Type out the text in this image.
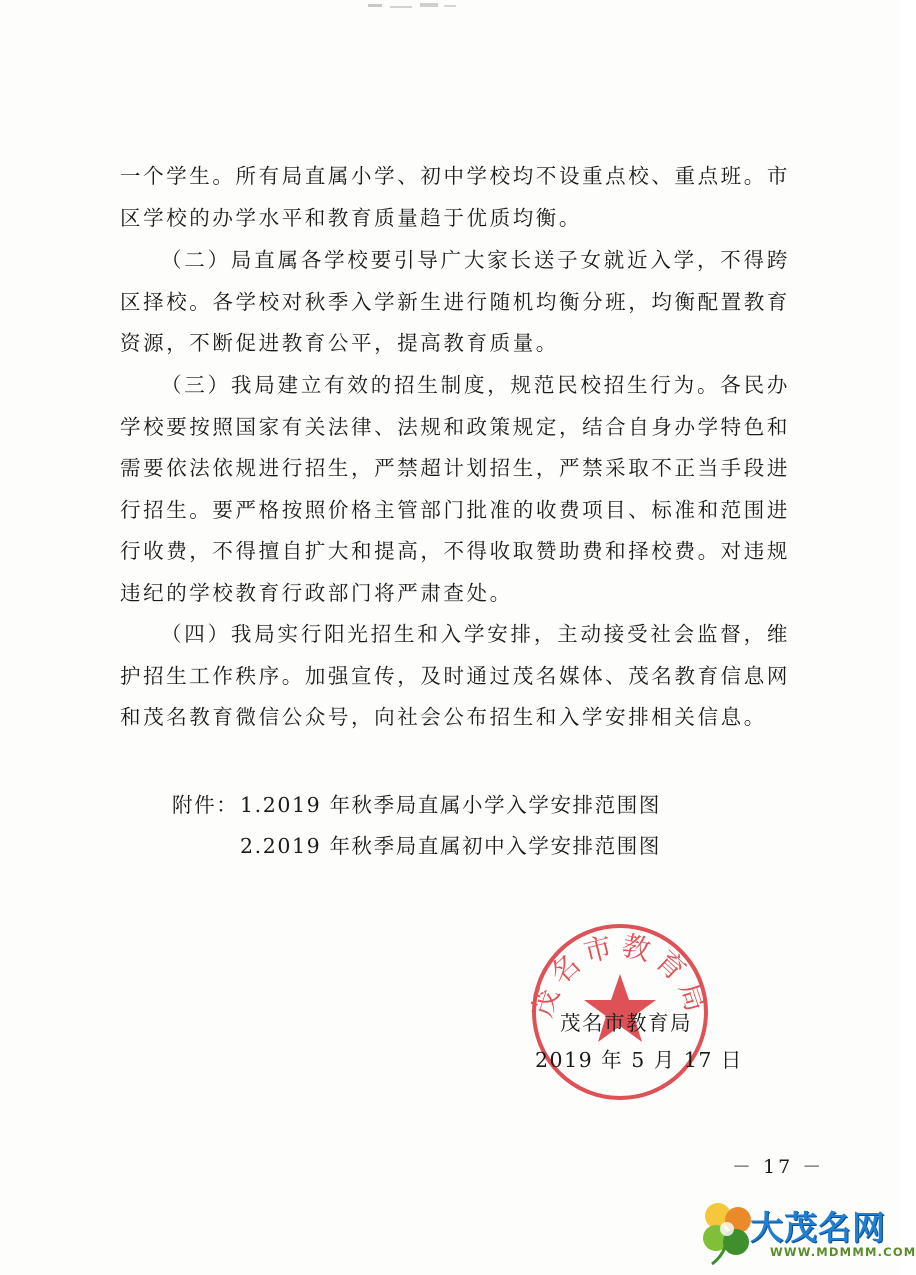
一个学生。所有局直属小学、初中学校均不设重点校、重点班。市区学校的办学水平和教育质量趋于优质均衡。

（二）局直属各学校要引导广大家长送子女就近入学，不得跨区择校。各学校对秋季入学新生进行随机均衡分班，均衡配置教育资源，不断促进教育公平，提高教育质量。

（三）我局建立有效的招生制度，规范民校招生行为。各民办学校要按照国家有关法律、法规和政策规定，结合自身办学特色和需要依法依规进行招生，严禁超计划招生，严禁采取不正当手段进行招生。要严格按照价格主管部门批准的收费项目、标准和范围进行收费，不得擅自扩大和提高，不得收取赞助费和择校费。对违规违纪的学校教育行政部门将严肃查处。

（四）我局实行阳光招生和入学安排，主动接受社会监督，维护招生工作秩序。加强宣传，及时通过茂名媒体、茂名教育信息网和茂名教育微信公众号，向社会公布招生和入学安排相关信息。

附件： 1.2019 年秋季局直属小学入学安排范围图
2.2019 年秋季局直属初中入学安排范围图
茂名市教育局
茂名市教育局
2019 年 5 月 17 日
－ 17 －
大茂名网
WWW.MDMMM.COM
